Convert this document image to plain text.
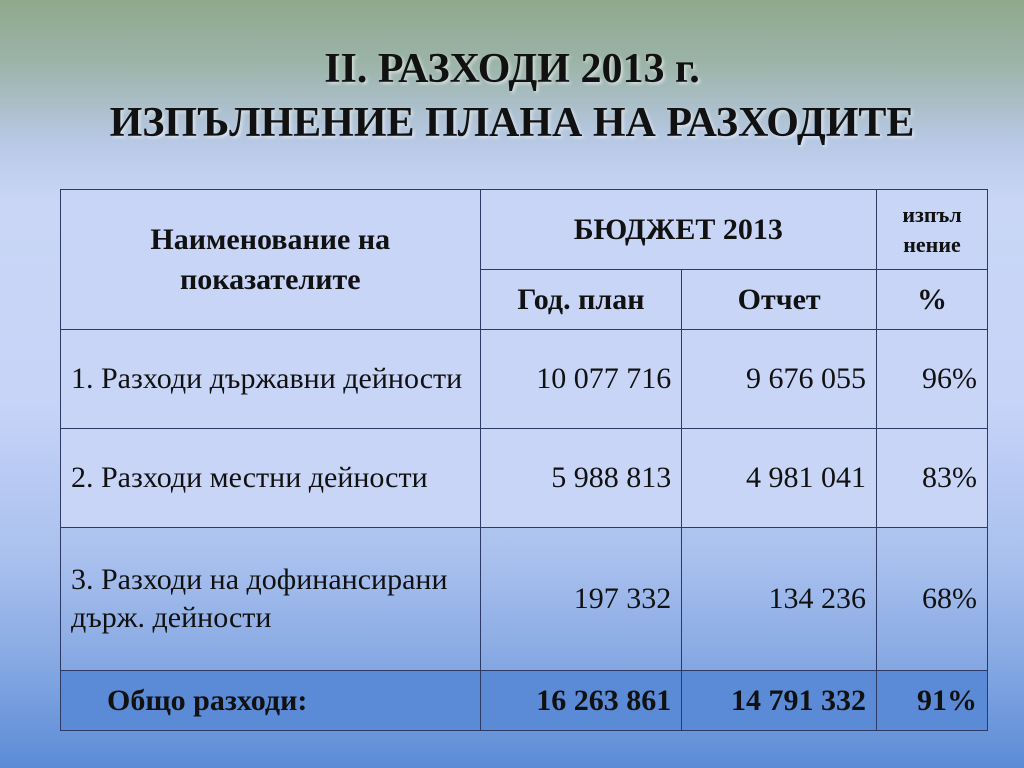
II. РАЗХОДИ 2013 г.
ИЗПЪЛНЕНИЕ ПЛАНА НА РАЗХОДИТЕ
Наименование на показателите	БЮДЖЕТ 2013		изпъл
нение

	Год. план	Отчет	%
1. Разходи държавни дейности	10 077 716	9 676 055	96%
2. Разходи местни дейности	5 988 813	4 981 041	83%
3. Разходи на дофинансирани държ. дейности	197 332	134 236	68%
Общо разходи:	16 263 861	14 791 332	91%
